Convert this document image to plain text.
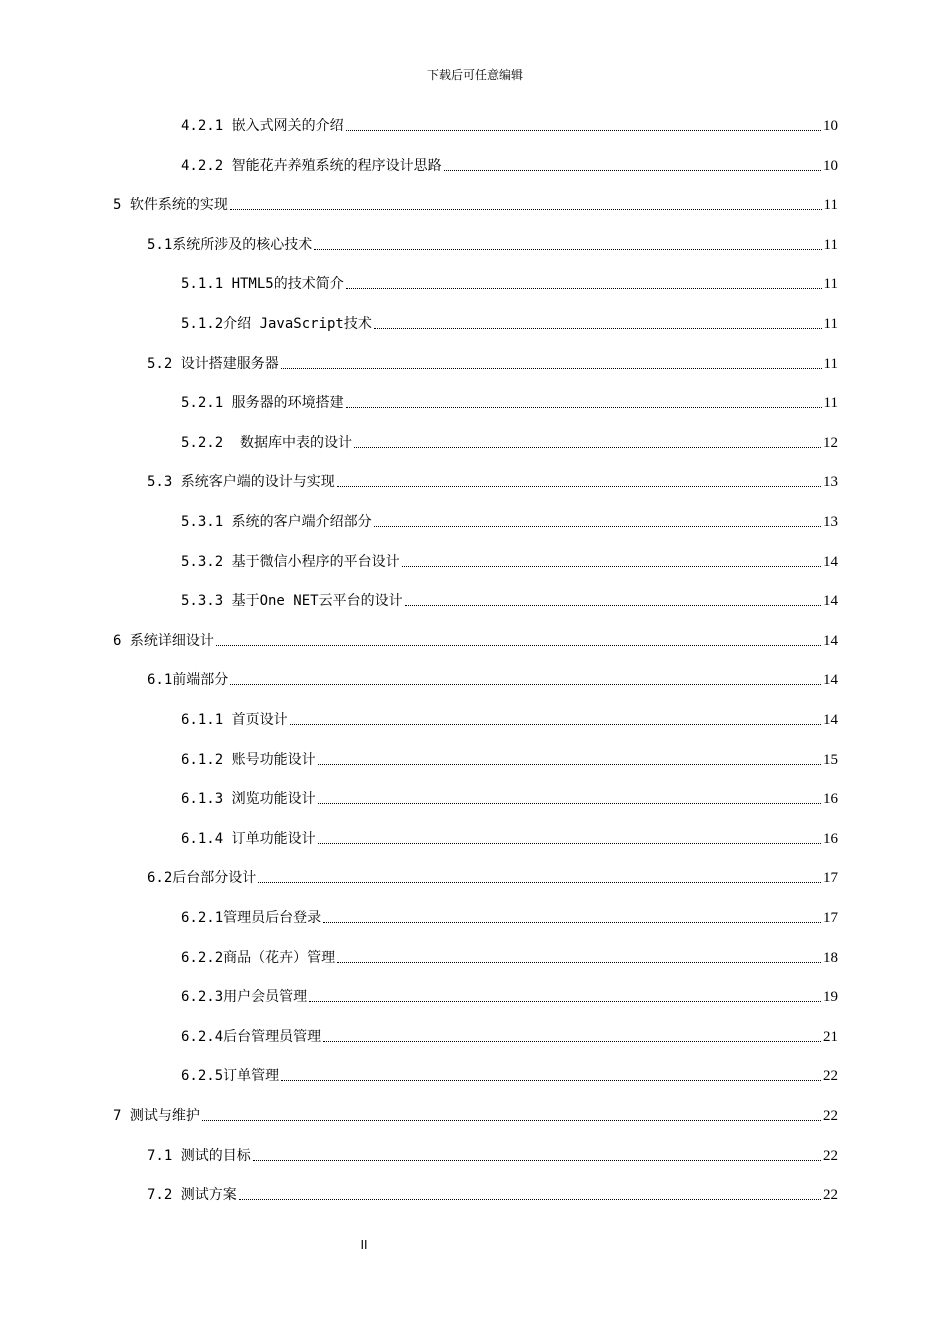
下载后可任意编辑
4.2.1 嵌入式网关的介绍	10
4.2.2 智能花卉养殖系统的程序设计思路	10
5 软件系统的实现	11
5.1系统所涉及的核心技术	11
5.1.1 HTML5的技术简介	11
5.1.2介绍 JavaScript技术	11
5.2 设计搭建服务器	11
5.2.1 服务器的环境搭建	11
5.2.2  数据库中表的设计	12
5.3 系统客户端的设计与实现	13
5.3.1 系统的客户端介绍部分	13
5.3.2 基于微信小程序的平台设计	14
5.3.3 基于One NET云平台的设计	14
6 系统详细设计	14
6.1前端部分	14
6.1.1 首页设计	14
6.1.2 账号功能设计	15
6.1.3 浏览功能设计	16
6.1.4 订单功能设计	16
6.2后台部分设计	17
6.2.1管理员后台登录	17
6.2.2商品（花卉）管理	18
6.2.3用户会员管理	19
6.2.4后台管理员管理	21
6.2.5订单管理	22
7 测试与维护	22
7.1 测试的目标	22
7.2 测试方案	22
II
